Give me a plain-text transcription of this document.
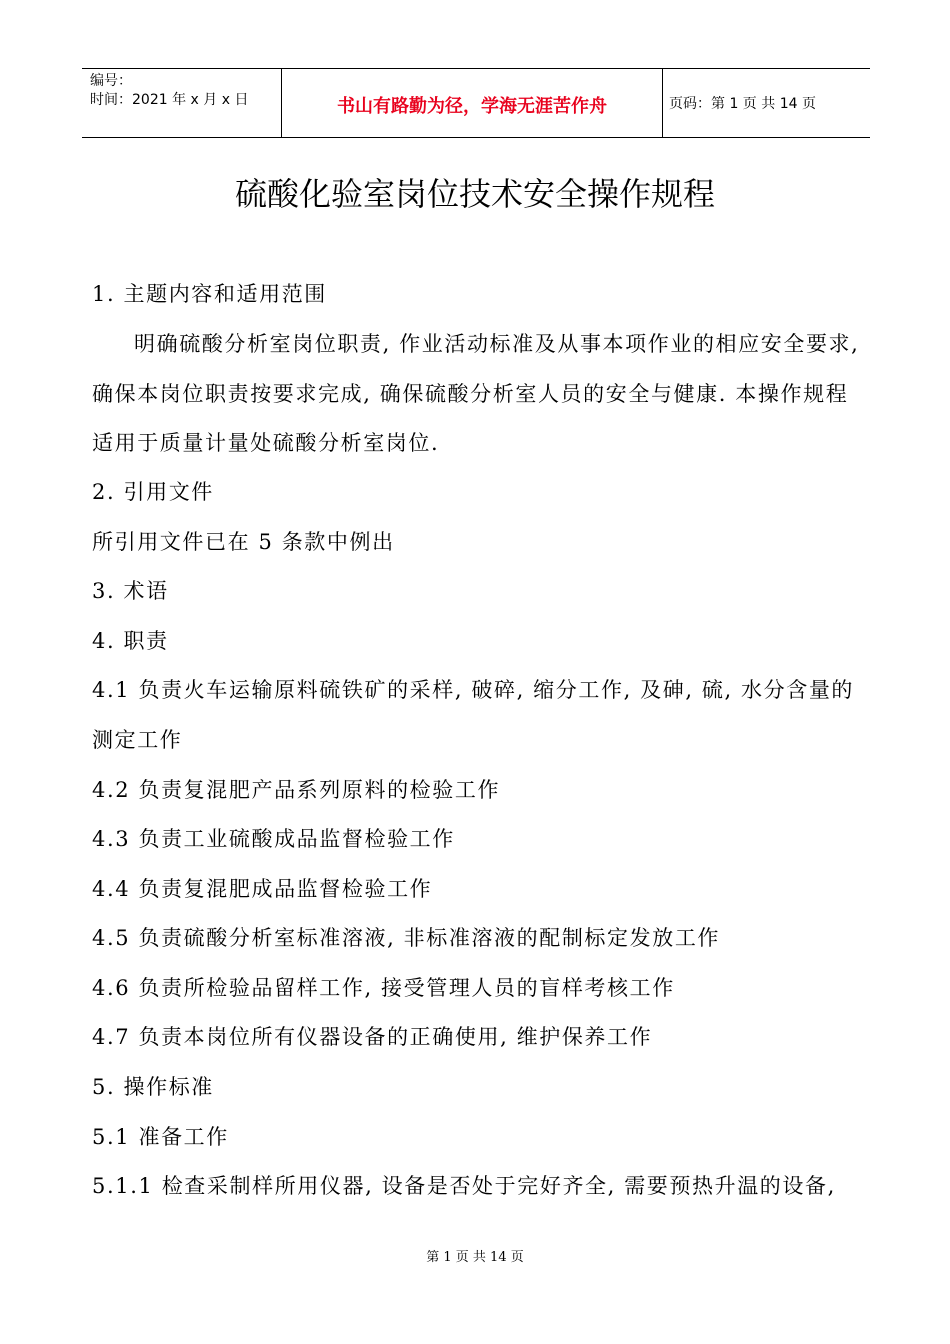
编号：
时间：2021 年 x 月 x 日	书山有路勤为径，学海无涯苦作舟	页码：第 1 页 共 14 页
硫酸化验室岗位技术安全操作规程
1. 主题内容和适用范围
明确硫酸分析室岗位职责, 作业活动标准及从事本项作业的相应安全要求, 确保本岗位职责按要求完成, 确保硫酸分析室人员的安全与健康. 本操作规程适用于质量计量处硫酸分析室岗位.
2. 引用文件
所引用文件已在 5 条款中例出
3. 术语
4. 职责
4.1 负责火车运输原料硫铁矿的采样, 破碎, 缩分工作, 及砷, 硫, 水分含量的测定工作
4.2 负责复混肥产品系列原料的检验工作
4.3 负责工业硫酸成品监督检验工作
4.4 负责复混肥成品监督检验工作
4.5 负责硫酸分析室标准溶液, 非标准溶液的配制标定发放工作
4.6 负责所检验品留样工作, 接受管理人员的盲样考核工作
4.7 负责本岗位所有仪器设备的正确使用, 维护保养工作
5. 操作标准
5.1 准备工作
5.1.1 检查采制样所用仪器, 设备是否处于完好齐全, 需要预热升温的设备,
第 1 页 共 14 页
